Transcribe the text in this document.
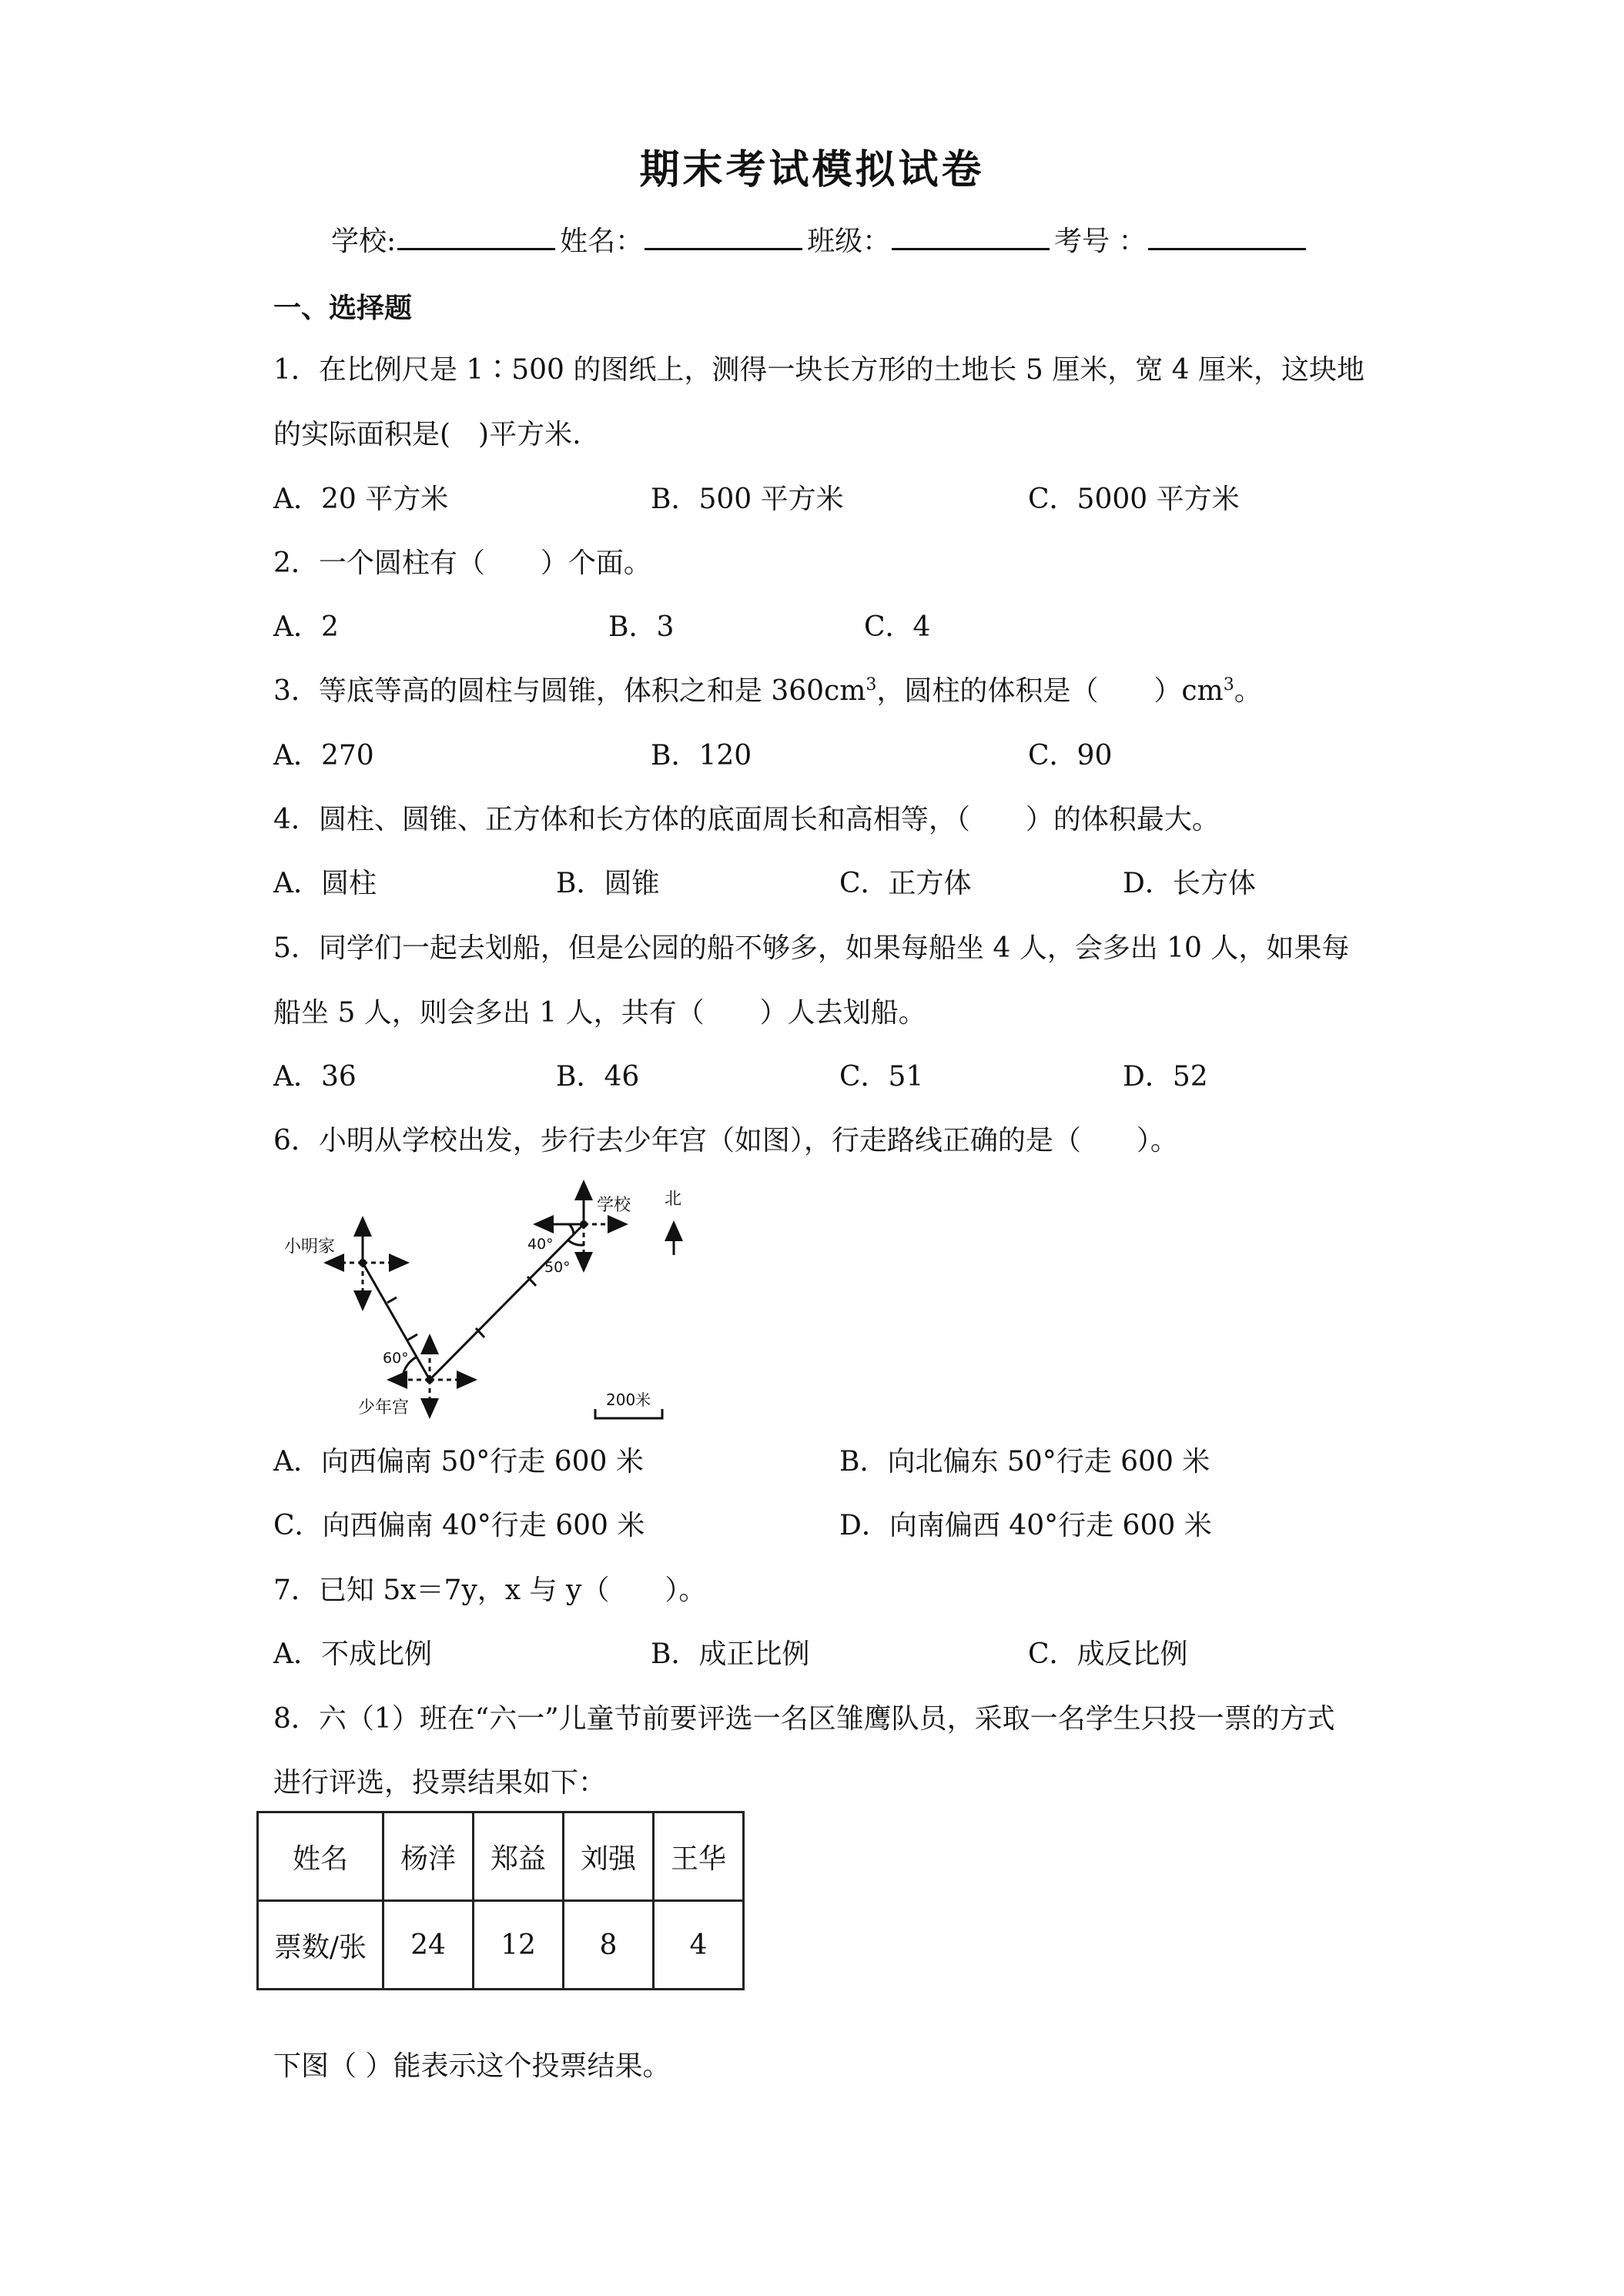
期末考试模拟试卷
学校:	姓名：	班级：	考号 ：
一、选择题
1．在比例尺是 1∶500 的图纸上，测得一块长方形的土地长 5 厘米，宽 4 厘米，这块地
的实际面积是(　)平方米.
A．20 平方米	B．500 平方米	C．5000 平方米
2．一个圆柱有（　　）个面。
A．2	B．3	C．4
3．等底等高的圆柱与圆锥，体积之和是 $360cm^3$，圆柱的体积是（　　）$cm^3$。
A．270	B．120	C．90
4．圆柱、圆锥、正方体和长方体的底面周长和高相等，（　　）的体积最大。
A．圆柱	B．圆锥	C．正方体	D．长方体
5．同学们一起去划船，但是公园的船不够多，如果每船坐 4 人，会多出 10 人，如果每
船坐 5 人，则会多出 1 人，共有（　　）人去划船。
A．36	B．46	C．51	D．52
6．小明从学校出发，步行去少年宫（如图），行走路线正确的是（　　）。
小明家
学校 北
少年宫
40°
50°
60°
200米
A．向西偏南 50°行走 600 米	B．向北偏东 50°行走 600 米
C．向西偏南 40°行走 600 米	D．向南偏西 40°行走 600 米
7．已知 5x＝7y，x 与 y（　　）。
A．不成比例	B．成正比例	C．成反比例
8．六（1）班在“六一”儿童节前要评选一名区雏鹰队员，采取一名学生只投一票的方式
进行评选，投票结果如下：
姓名	杨洋	郑益	刘强	王华
票数/张	24	12	8	4
下图（ ）能表示这个投票结果。
